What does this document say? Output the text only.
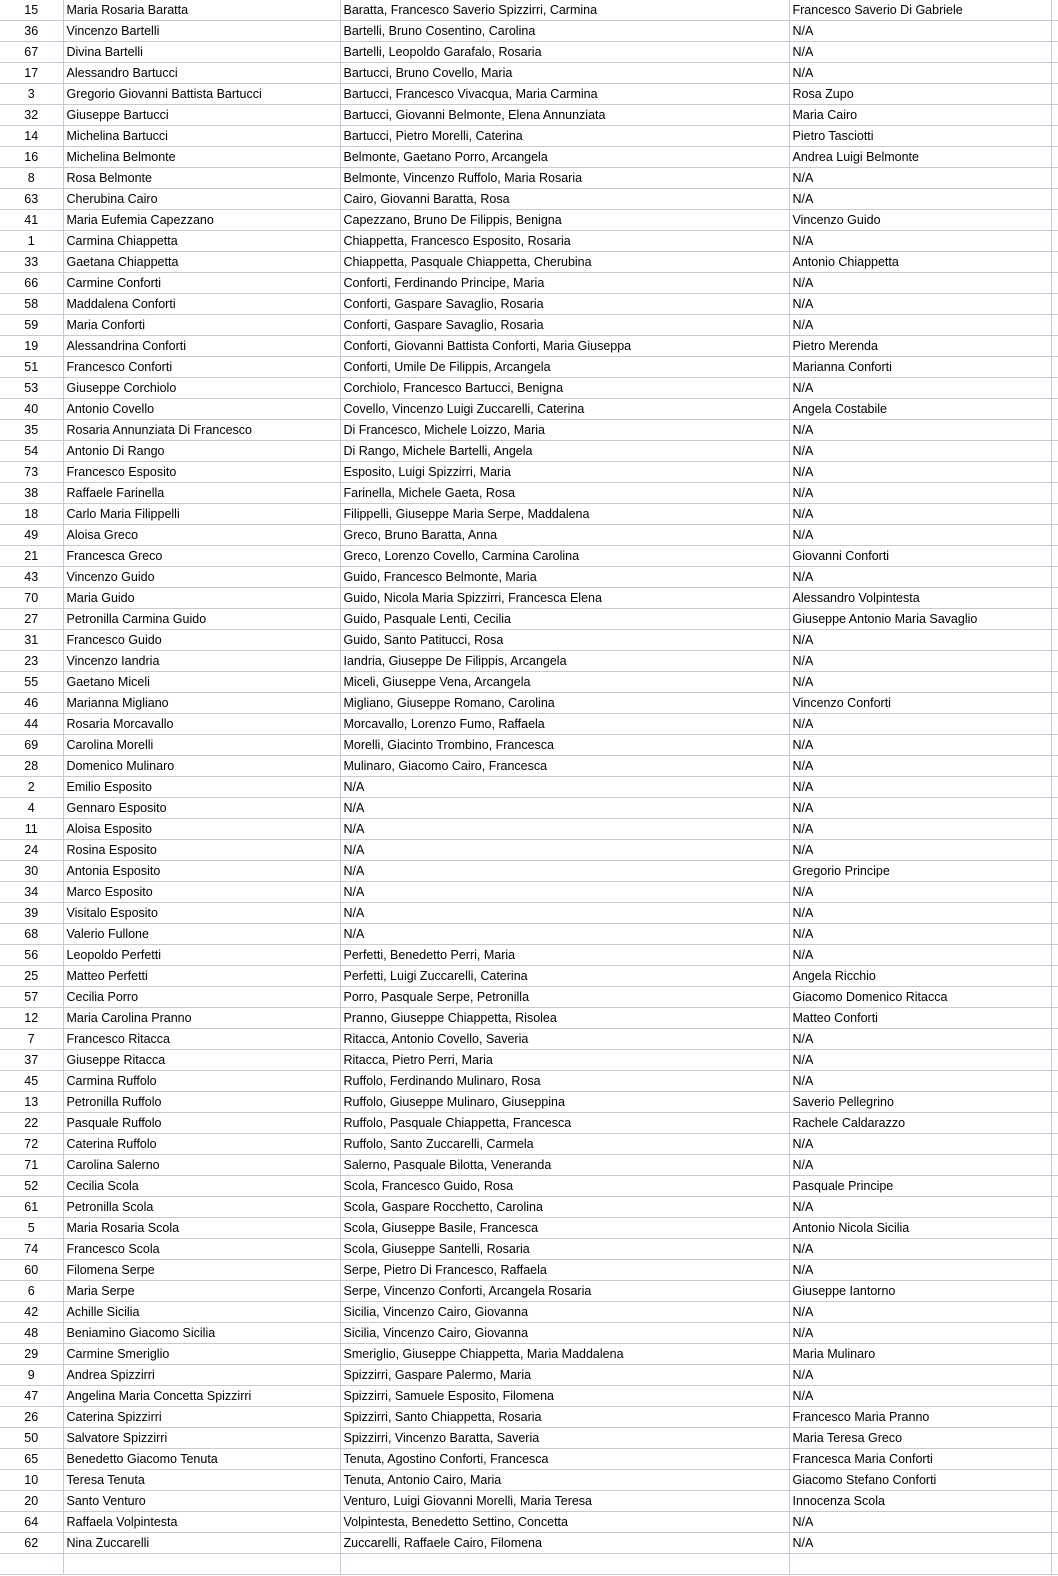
15	Maria Rosaria Baratta	Baratta, Francesco Saverio Spizzirri, Carmina	Francesco Saverio Di Gabriele	
36	Vincenzo Bartelli	Bartelli, Bruno Cosentino, Carolina	N/A	
67	Divina Bartelli	Bartelli, Leopoldo Garafalo, Rosaria	N/A	
17	Alessandro Bartucci	Bartucci, Bruno Covello, Maria	N/A	
3	Gregorio Giovanni Battista Bartucci	Bartucci, Francesco Vivacqua, Maria Carmina	Rosa Zupo	
32	Giuseppe Bartucci	Bartucci, Giovanni Belmonte, Elena Annunziata	Maria Cairo	
14	Michelina Bartucci	Bartucci, Pietro Morelli, Caterina	Pietro Tasciotti	
16	Michelina Belmonte	Belmonte, Gaetano Porro, Arcangela	Andrea Luigi Belmonte	
8	Rosa Belmonte	Belmonte, Vincenzo Ruffolo, Maria Rosaria	N/A	
63	Cherubina Cairo	Cairo, Giovanni Baratta, Rosa	N/A	
41	Maria Eufemia Capezzano	Capezzano, Bruno De Filippis, Benigna	Vincenzo Guido	
1	Carmina Chiappetta	Chiappetta, Francesco Esposito, Rosaria	N/A	
33	Gaetana Chiappetta	Chiappetta, Pasquale Chiappetta, Cherubina	Antonio Chiappetta	
66	Carmine Conforti	Conforti, Ferdinando Principe, Maria	N/A	
58	Maddalena Conforti	Conforti, Gaspare Savaglio, Rosaria	N/A	
59	Maria Conforti	Conforti, Gaspare Savaglio, Rosaria	N/A	
19	Alessandrina Conforti	Conforti, Giovanni Battista Conforti, Maria Giuseppa	Pietro Merenda	
51	Francesco Conforti	Conforti, Umile De Filippis, Arcangela	Marianna Conforti	
53	Giuseppe Corchiolo	Corchiolo, Francesco Bartucci, Benigna	N/A	
40	Antonio Covello	Covello, Vincenzo Luigi Zuccarelli, Caterina	Angela Costabile	
35	Rosaria Annunziata Di Francesco	Di Francesco, Michele Loizzo, Maria	N/A	
54	Antonio Di Rango	Di Rango, Michele Bartelli, Angela	N/A	
73	Francesco Esposito	Esposito, Luigi Spizzirri, Maria	N/A	
38	Raffaele Farinella	Farinella, Michele Gaeta, Rosa	N/A	
18	Carlo Maria Filippelli	Filippelli, Giuseppe Maria Serpe, Maddalena	N/A	
49	Aloisa Greco	Greco, Bruno Baratta, Anna	N/A	
21	Francesca Greco	Greco, Lorenzo Covello, Carmina Carolina	Giovanni Conforti	
43	Vincenzo Guido	Guido, Francesco Belmonte, Maria	N/A	
70	Maria Guido	Guido, Nicola Maria Spizzirri, Francesca Elena	Alessandro Volpintesta	
27	Petronilla Carmina Guido	Guido, Pasquale Lenti, Cecilia	Giuseppe Antonio Maria Savaglio	
31	Francesco Guido	Guido, Santo Patitucci, Rosa	N/A	
23	Vincenzo Iandria	Iandria, Giuseppe De Filippis, Arcangela	N/A	
55	Gaetano Miceli	Miceli, Giuseppe Vena, Arcangela	N/A	
46	Marianna Migliano	Migliano, Giuseppe Romano, Carolina	Vincenzo Conforti	
44	Rosaria Morcavallo	Morcavallo, Lorenzo Fumo, Raffaela	N/A	
69	Carolina Morelli	Morelli, Giacinto Trombino, Francesca	N/A	
28	Domenico Mulinaro	Mulinaro, Giacomo Cairo, Francesca	N/A	
2	Emilio Esposito	N/A	N/A	
4	Gennaro Esposito	N/A	N/A	
11	Aloisa Esposito	N/A	N/A	
24	Rosina Esposito	N/A	N/A	
30	Antonia Esposito	N/A	Gregorio Principe	
34	Marco Esposito	N/A	N/A	
39	Visitalo Esposito	N/A	N/A	
68	Valerio Fullone	N/A	N/A	
56	Leopoldo Perfetti	Perfetti, Benedetto Perri, Maria	N/A	
25	Matteo Perfetti	Perfetti, Luigi Zuccarelli, Caterina	Angela Ricchio	
57	Cecilia Porro	Porro, Pasquale Serpe, Petronilla	Giacomo Domenico Ritacca	
12	Maria Carolina Pranno	Pranno, Giuseppe Chiappetta, Risolea	Matteo Conforti	
7	Francesco Ritacca	Ritacca, Antonio Covello, Saveria	N/A	
37	Giuseppe Ritacca	Ritacca, Pietro Perri, Maria	N/A	
45	Carmina Ruffolo	Ruffolo, Ferdinando Mulinaro, Rosa	N/A	
13	Petronilla Ruffolo	Ruffolo, Giuseppe Mulinaro, Giuseppina	Saverio Pellegrino	
22	Pasquale Ruffolo	Ruffolo, Pasquale Chiappetta, Francesca	Rachele Caldarazzo	
72	Caterina Ruffolo	Ruffolo, Santo Zuccarelli, Carmela	N/A	
71	Carolina Salerno	Salerno, Pasquale Bilotta, Veneranda	N/A	
52	Cecilia Scola	Scola, Francesco Guido, Rosa	Pasquale Principe	
61	Petronilla Scola	Scola, Gaspare Rocchetto, Carolina	N/A	
5	Maria Rosaria Scola	Scola, Giuseppe Basile, Francesca	Antonio Nicola Sicilia	
74	Francesco Scola	Scola, Giuseppe Santelli, Rosaria	N/A	
60	Filomena Serpe	Serpe, Pietro Di Francesco, Raffaela	N/A	
6	Maria Serpe	Serpe, Vincenzo Conforti, Arcangela Rosaria	Giuseppe Iantorno	
42	Achille Sicilia	Sicilia, Vincenzo Cairo, Giovanna	N/A	
48	Beniamino Giacomo Sicilia	Sicilia, Vincenzo Cairo, Giovanna	N/A	
29	Carmine Smeriglio	Smeriglio, Giuseppe Chiappetta, Maria Maddalena	Maria Mulinaro	
9	Andrea Spizzirri	Spizzirri, Gaspare Palermo, Maria	N/A	
47	Angelina Maria Concetta Spizzirri	Spizzirri, Samuele Esposito, Filomena	N/A	
26	Caterina Spizzirri	Spizzirri, Santo Chiappetta, Rosaria	Francesco Maria Pranno	
50	Salvatore Spizzirri	Spizzirri, Vincenzo Baratta, Saveria	Maria Teresa Greco	
65	Benedetto Giacomo Tenuta	Tenuta, Agostino Conforti, Francesca	Francesca Maria Conforti	
10	Teresa Tenuta	Tenuta, Antonio Cairo, Maria	Giacomo Stefano Conforti	
20	Santo Venturo	Venturo, Luigi Giovanni Morelli, Maria Teresa	Innocenza Scola	
64	Raffaela Volpintesta	Volpintesta, Benedetto Settino, Concetta	N/A	
62	Nina Zuccarelli	Zuccarelli, Raffaele Cairo, Filomena	N/A	
